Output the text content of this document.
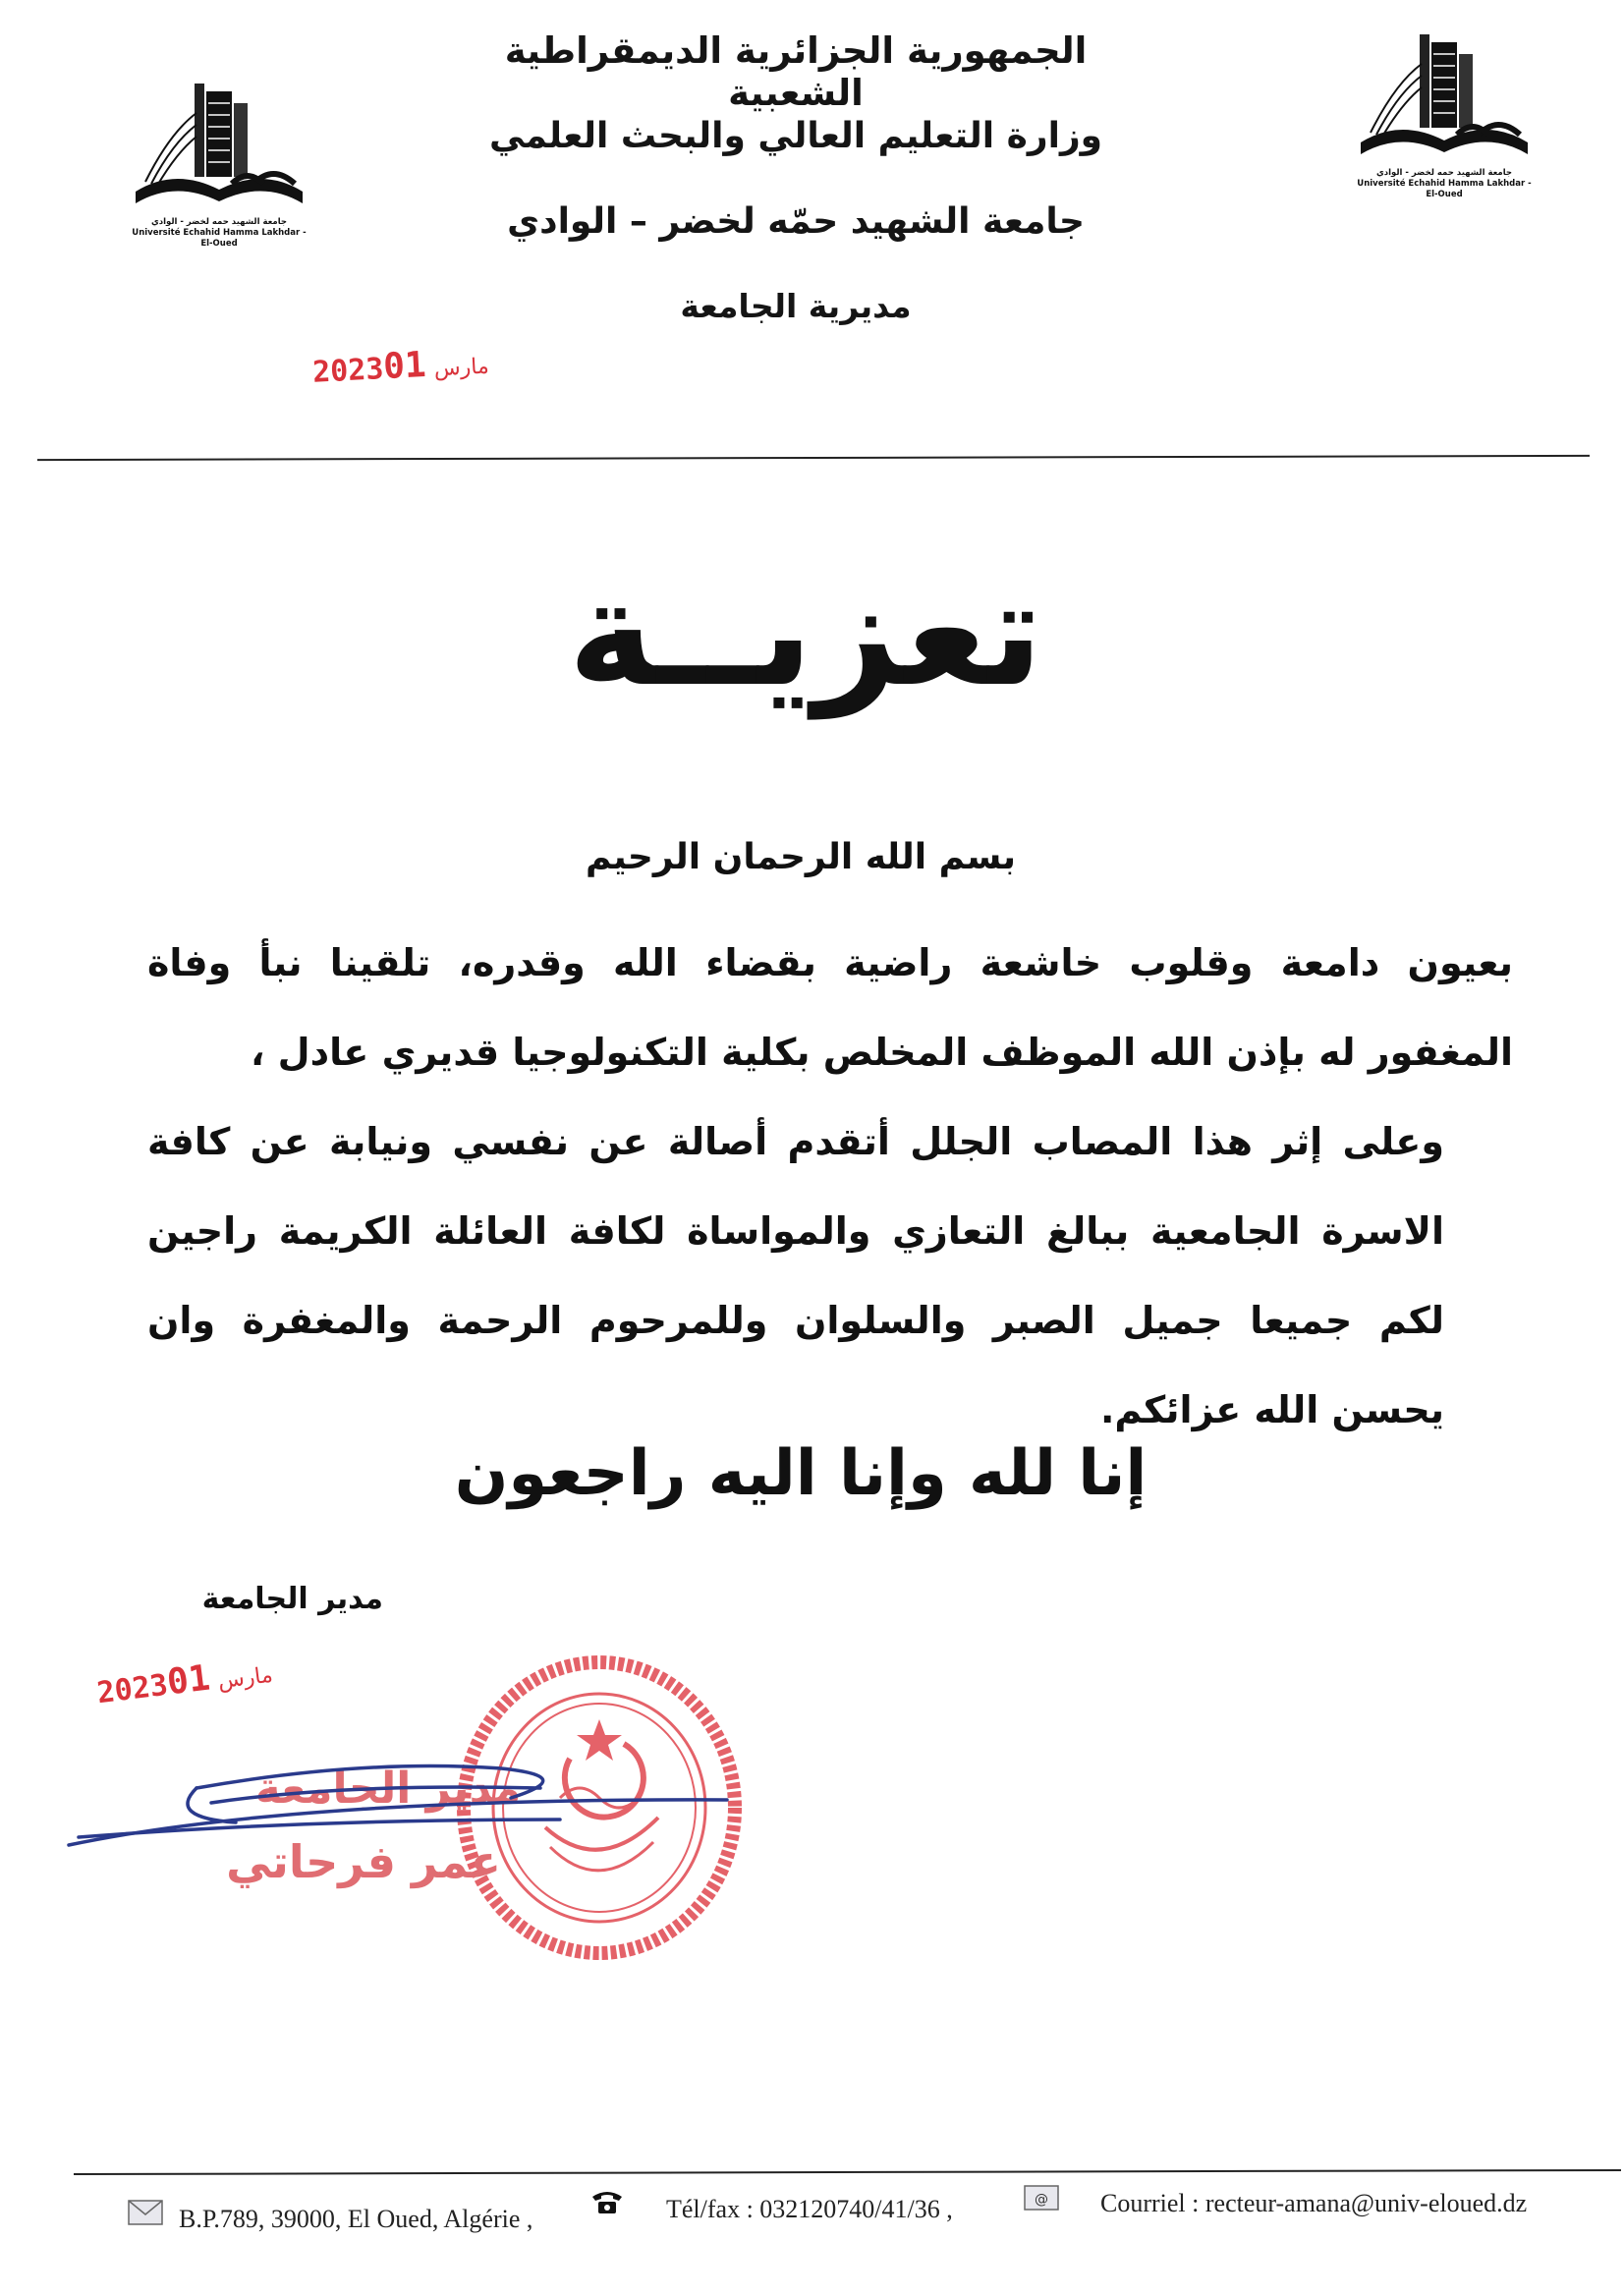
جامعة الشهيد حمه لخضر - الوادي
Université Echahid Hamma Lakhdar - El-Oued
جامعة الشهيد حمه لخضر - الوادي
Université Echahid Hamma Lakhdar - El-Oued
الجمهورية الجزائرية الديمقراطية الشعبية
وزارة التعليم العالي والبحث العلمي
جامعة الشهيد حمّه لخضر – الوادي
مديرية الجامعة
2023 مارس01
تعزيــة
بسم الله الرحمان الرحيم

بعيون دامعة وقلوب خاشعة راضية بقضاء الله وقدره، تلقينا نبأ وفاة المغفور له بإذن الله الموظف المخلص بكلية التكنولوجيا قديري عادل ،

وعلى إثر هذا المصاب الجلل أتقدم أصالة عن نفسي ونيابة عن كافة الاسرة الجامعية ببالغ التعازي والمواساة لكافة العائلة الكريمة راجين لكم جميعا جميل الصبر والسلوان وللمرحوم الرحمة والمغفرة وان يحسن الله عزائكم.

إنا لله وإنا اليه راجعون
مدير الجامعة
2023 مارس01
مدير الجامعة
عمر فرحاتي
B.P.789, 39000, El Oued, Algérie ,	Tél/fax : 032120740/41/36 ,	@ Courriel : recteur-amana@univ-eloued.dz
